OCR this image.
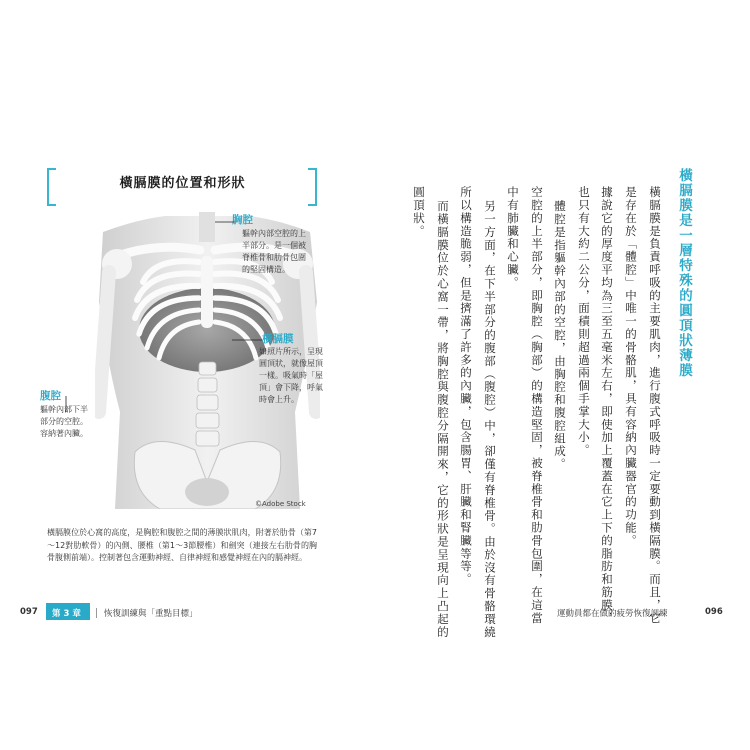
橫膈膜的位置和形狀
胸腔
軀幹內部空腔的上
半部分。是一個被
脊椎骨和肋骨包圍
的堅固構造。
橫膈膜
如照片所示，呈現
圓頂狀，就像屋頂
一樣。吸氣時「屋
頂」會下降，呼氣
時會上升。
腹腔
軀幹內部下半
部分的空腔。
容納著內臟。
©Adobe Stock
橫膈膜位於心窩的高度，是胸腔和腹腔之間的薄膜狀肌肉，附著於肋骨（第7～12對肋軟骨）的內側、腰椎（第1～3節腰椎）和劍突（連接左右肋骨的胸骨腹側前端）。控制著包含運動神經、自律神經和感覺神經在內的膈神經。
橫膈膜是一層特殊的圓頂狀薄膜
橫膈膜是負責呼吸的主要肌肉，進行腹式呼吸時一定要動到橫隔膜。而且，它
是存在於「體腔」中唯一的骨骼肌，具有容納內臟器官的功能。
據說它的厚度平均為三至五毫米左右，即使加上覆蓋在它上下的脂肪和筋膜，
也只有大約二公分，面積則超過兩個手掌大小。
體腔是指軀幹內部的空腔，由胸腔和腹腔組成。
空腔的上半部分，即胸腔（胸部）的構造堅固，被脊椎骨和肋骨包圍，在這當
中有肺臟和心臟。
另一方面，在下半部分的腹部（腹腔）中，卻僅有脊椎骨。由於沒有骨骼環繞
所以構造脆弱，但是擠滿了許多的內臟，包含腸胃、肝臟和腎臟等等。
而橫膈膜位於心窩一帶，將胸腔與腹腔分隔開來，它的形狀是呈現向上凸起的
圓頂狀。
097 第 3 章	恢復訓練與「重點目標」	運動員都在做的疲勞恢復訓練	096
